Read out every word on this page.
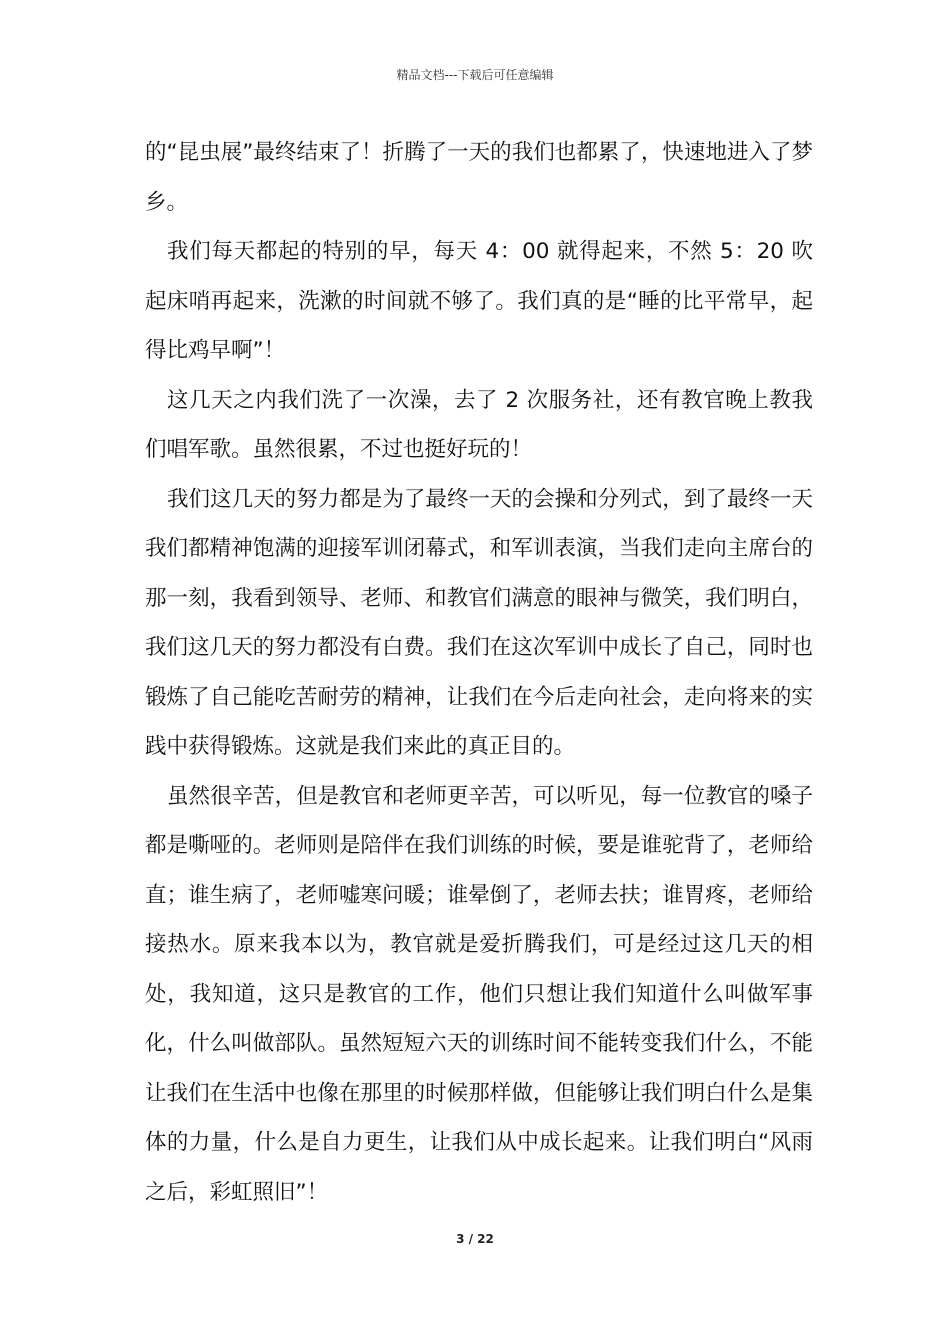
精品文档---下载后可任意编辑

的“昆虫展”最终结束了！折腾了一天的我们也都累了，快速地进入了梦乡。

我们每天都起的特别的早，每天 4：00 就得起来，不然 5：20 吹起床哨再起来，洗漱的时间就不够了。我们真的是“睡的比平常早，起得比鸡早啊”！

这几天之内我们洗了一次澡，去了 2 次服务社，还有教官晚上教我们唱军歌。虽然很累，不过也挺好玩的！

我们这几天的努力都是为了最终一天的会操和分列式，到了最终一天我们都精神饱满的迎接军训闭幕式，和军训表演，当我们走向主席台的那一刻，我看到领导、老师、和教官们满意的眼神与微笑，我们明白，我们这几天的努力都没有白费。我们在这次军训中成长了自己，同时也锻炼了自己能吃苦耐劳的精神，让我们在今后走向社会，走向将来的实践中获得锻炼。这就是我们来此的真正目的。

虽然很辛苦，但是教官和老师更辛苦，可以听见，每一位教官的嗓子都是嘶哑的。老师则是陪伴在我们训练的时候，要是谁驼背了，老师给直；谁生病了，老师嘘寒问暖；谁晕倒了，老师去扶；谁胃疼，老师给接热水。原来我本以为，教官就是爱折腾我们，可是经过这几天的相处，我知道，这只是教官的工作，他们只想让我们知道什么叫做军事化，什么叫做部队。虽然短短六天的训练时间不能转变我们什么，不能让我们在生活中也像在那里的时候那样做，但能够让我们明白什么是集体的力量，什么是自力更生，让我们从中成长起来。让我们明白“风雨之后，彩虹照旧”！

3 / 22
